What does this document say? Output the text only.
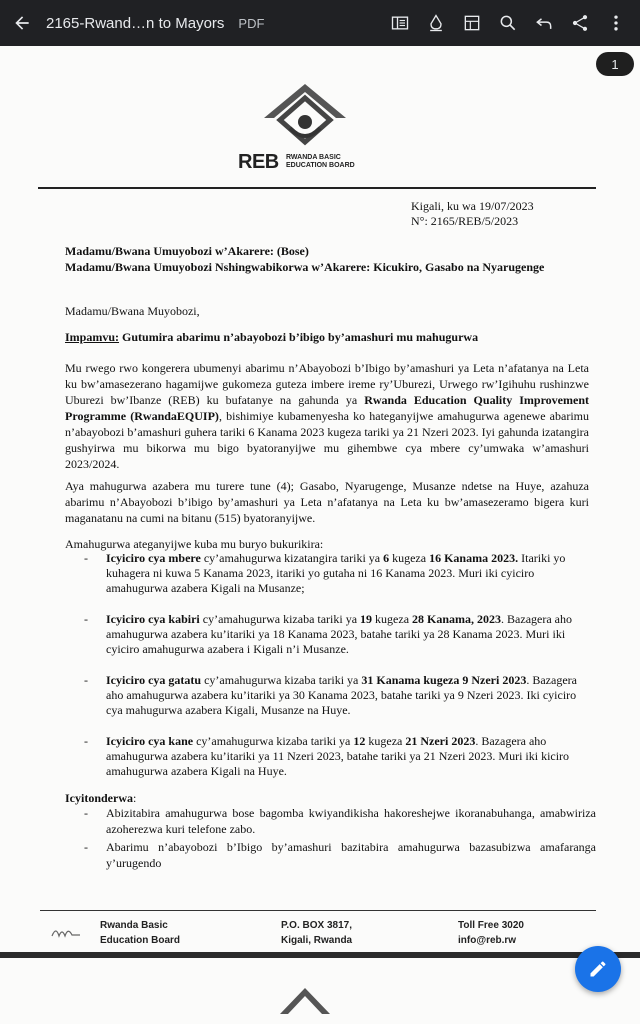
2165-Rwand…n to Mayors PDF
REB RWANDA BASIC
EDUCATION BOARD
Kigali, ku wa 19/07/2023
N°: 2165/REB/5/2023
Madamu/Bwana Umuyobozi w’Akarere: (Bose)
Madamu/Bwana Umuyobozi Nshingwabikorwa w’Akarere: Kicukiro, Gasabo na Nyarugenge
Madamu/Bwana Muyobozi,
Impamvu: Gutumira abarimu n’abayobozi b’ibigo by’amashuri mu mahugurwa
Mu rwego rwo kongerera ubumenyi abarimu n’Abayobozi b’Ibigo by’amashuri ya Leta n’afatanya na Leta ku bw’amasezerano hagamijwe gukomeza guteza imbere ireme ry’Uburezi, Urwego rw’Igihuhu rushinzwe Uburezi bw’Ibanze (REB) ku bufatanye na gahunda ya Rwanda Education Quality Improvement Programme (RwandaEQUIP), bishimiye kubamenyesha ko hateganyijwe amahugurwa agenewe abarimu n’abayobozi b’amashuri guhera tariki 6 Kanama 2023 kugeza tariki ya 21 Nzeri 2023. Iyi gahunda izatangira gushyirwa mu bikorwa mu bigo byatoranyijwe mu gihembwe cya mbere cy’umwaka w’amashuri 2023/2024.
Aya mahugurwa azabera mu turere tune (4); Gasabo, Nyarugenge, Musanze ndetse na Huye, azahuza abarimu n’Abayobozi b’ibigo by’amashuri ya Leta n’afatanya na Leta ku bw’amasezeramo bigera kuri maganatanu na cumi na bitanu (515) byatoranyijwe.
Amahugurwa ateganyijwe kuba mu buryo bukurikira:
- Icyiciro cya mbere cy’amahugurwa kizatangira tariki ya 6 kugeza 16 Kanama 2023. Itariki yo kuhagera ni kuwa 5 Kanama 2023, itariki yo gutaha ni 16 Kanama 2023. Muri iki cyiciro amahugurwa azabera Kigali na Musanze;
- Icyiciro cya kabiri cy’amahugurwa kizaba tariki ya 19 kugeza 28 Kanama, 2023. Bazagera aho amahugurwa azabera ku’itariki ya 18 Kanama 2023, batahe tariki ya 28 Kanama 2023. Muri iki cyiciro amahugurwa azabera i Kigali n’i Musanze.
- Icyiciro cya gatatu cy’amahugurwa kizaba tariki ya 31 Kanama kugeza 9 Nzeri 2023. Bazagera aho amahugurwa azabera ku’itariki ya 30 Kanama 2023, batahe tariki ya 9 Nzeri 2023. Iki cyiciro cya mahugurwa azabera Kigali, Musanze na Huye.
- Icyiciro cya kane cy’amahugurwa kizaba tariki ya 12 kugeza 21 Nzeri 2023. Bazagera aho amahugurwa azabera ku’itariki ya 11 Nzeri 2023, batahe tariki ya 21 Nzeri 2023. Muri iki kiciro amahugurwa azabera Kigali na Huye.
Icyitonderwa:
- Abizitabira amahugurwa bose bagomba kwiyandikisha hakoreshejwe ikoranabuhanga, amabwiriza azoherezwa kuri telefone zabo.
- Abarimu n’abayobozi b’Ibigo by’amashuri bazitabira amahugurwa bazasubizwa amafaranga y’urugendo
Rwanda Basic
Education Board
P.O. BOX 3817,
Kigali, Rwanda
Toll Free 3020
info@reb.rw
1
